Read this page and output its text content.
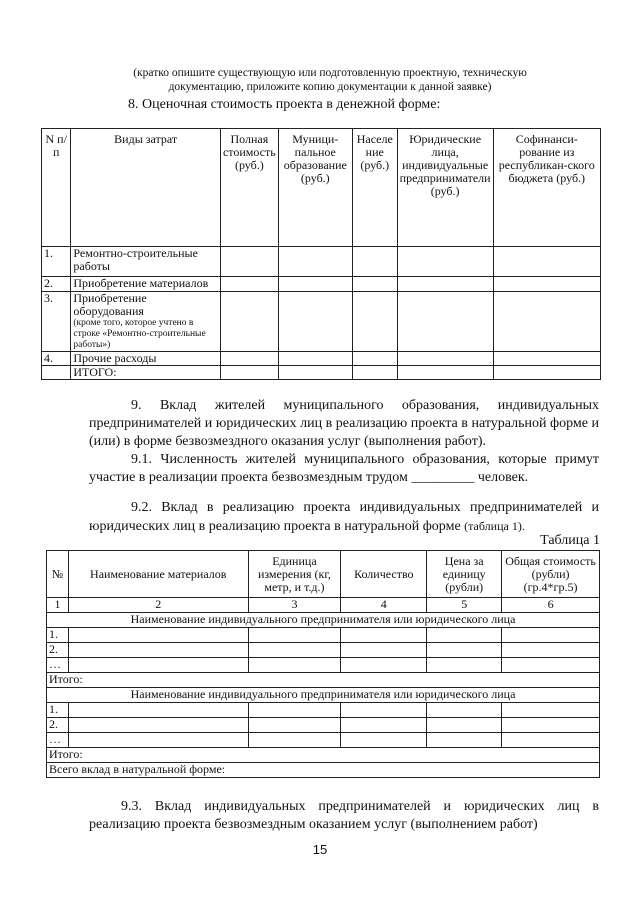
(кратко опишите существующую или подготовленную проектную, техническую документацию, приложите копию документации к данной заявке)
8. Оценочная стоимость проекта в денежной форме:
N п/п	Виды затрат	Полная стоимость (руб.)	Муници-пальное образование (руб.)	Населе ние (руб.)	Юридические лица, индивидуальные предприниматели (руб.)	Софинанси-рование из республикан-ского бюджета (руб.)
1.	Ремонтно-строительные работы					
2.	Приобретение материалов					
3.	Приобретение оборудования
(кроме того, которое учтено в строке «Ремонтно-строительные работы»)					

4.	Прочие расходы					
	ИТОГО:					
9. Вклад жителей муниципального образования, индивидуальных предпринимателей и юридических лиц в реализацию проекта в натуральной форме и (или) в форме безвозмездного оказания услуг (выполнения работ).
9.1. Численность жителей муниципального образования, которые примут участие в реализации проекта безвозмездным трудом _________ человек.
9.2. Вклад в реализацию проекта индивидуальных предпринимателей и юридических лиц в реализацию проекта в натуральной форме (таблица 1).
Таблица 1
№	Наименование материалов	Единица измерения (кг, метр, и т.д.)	Количество	Цена за единицу (рубли)	Общая стоимость (рубли) (гр.4*гр.5)
1	2	3	4	5	6
Наименование индивидуального предпринимателя или юридического лица					
1.					
2.					
…					
Итого:					
Наименование индивидуального предпринимателя или юридического лица					
1.					
2.					
…					
Итого:					
Всего вклад в натуральной форме:					
9.3. Вклад индивидуальных предпринимателей и юридических лиц в реализацию проекта безвозмездным оказанием услуг (выполнением работ)
15
